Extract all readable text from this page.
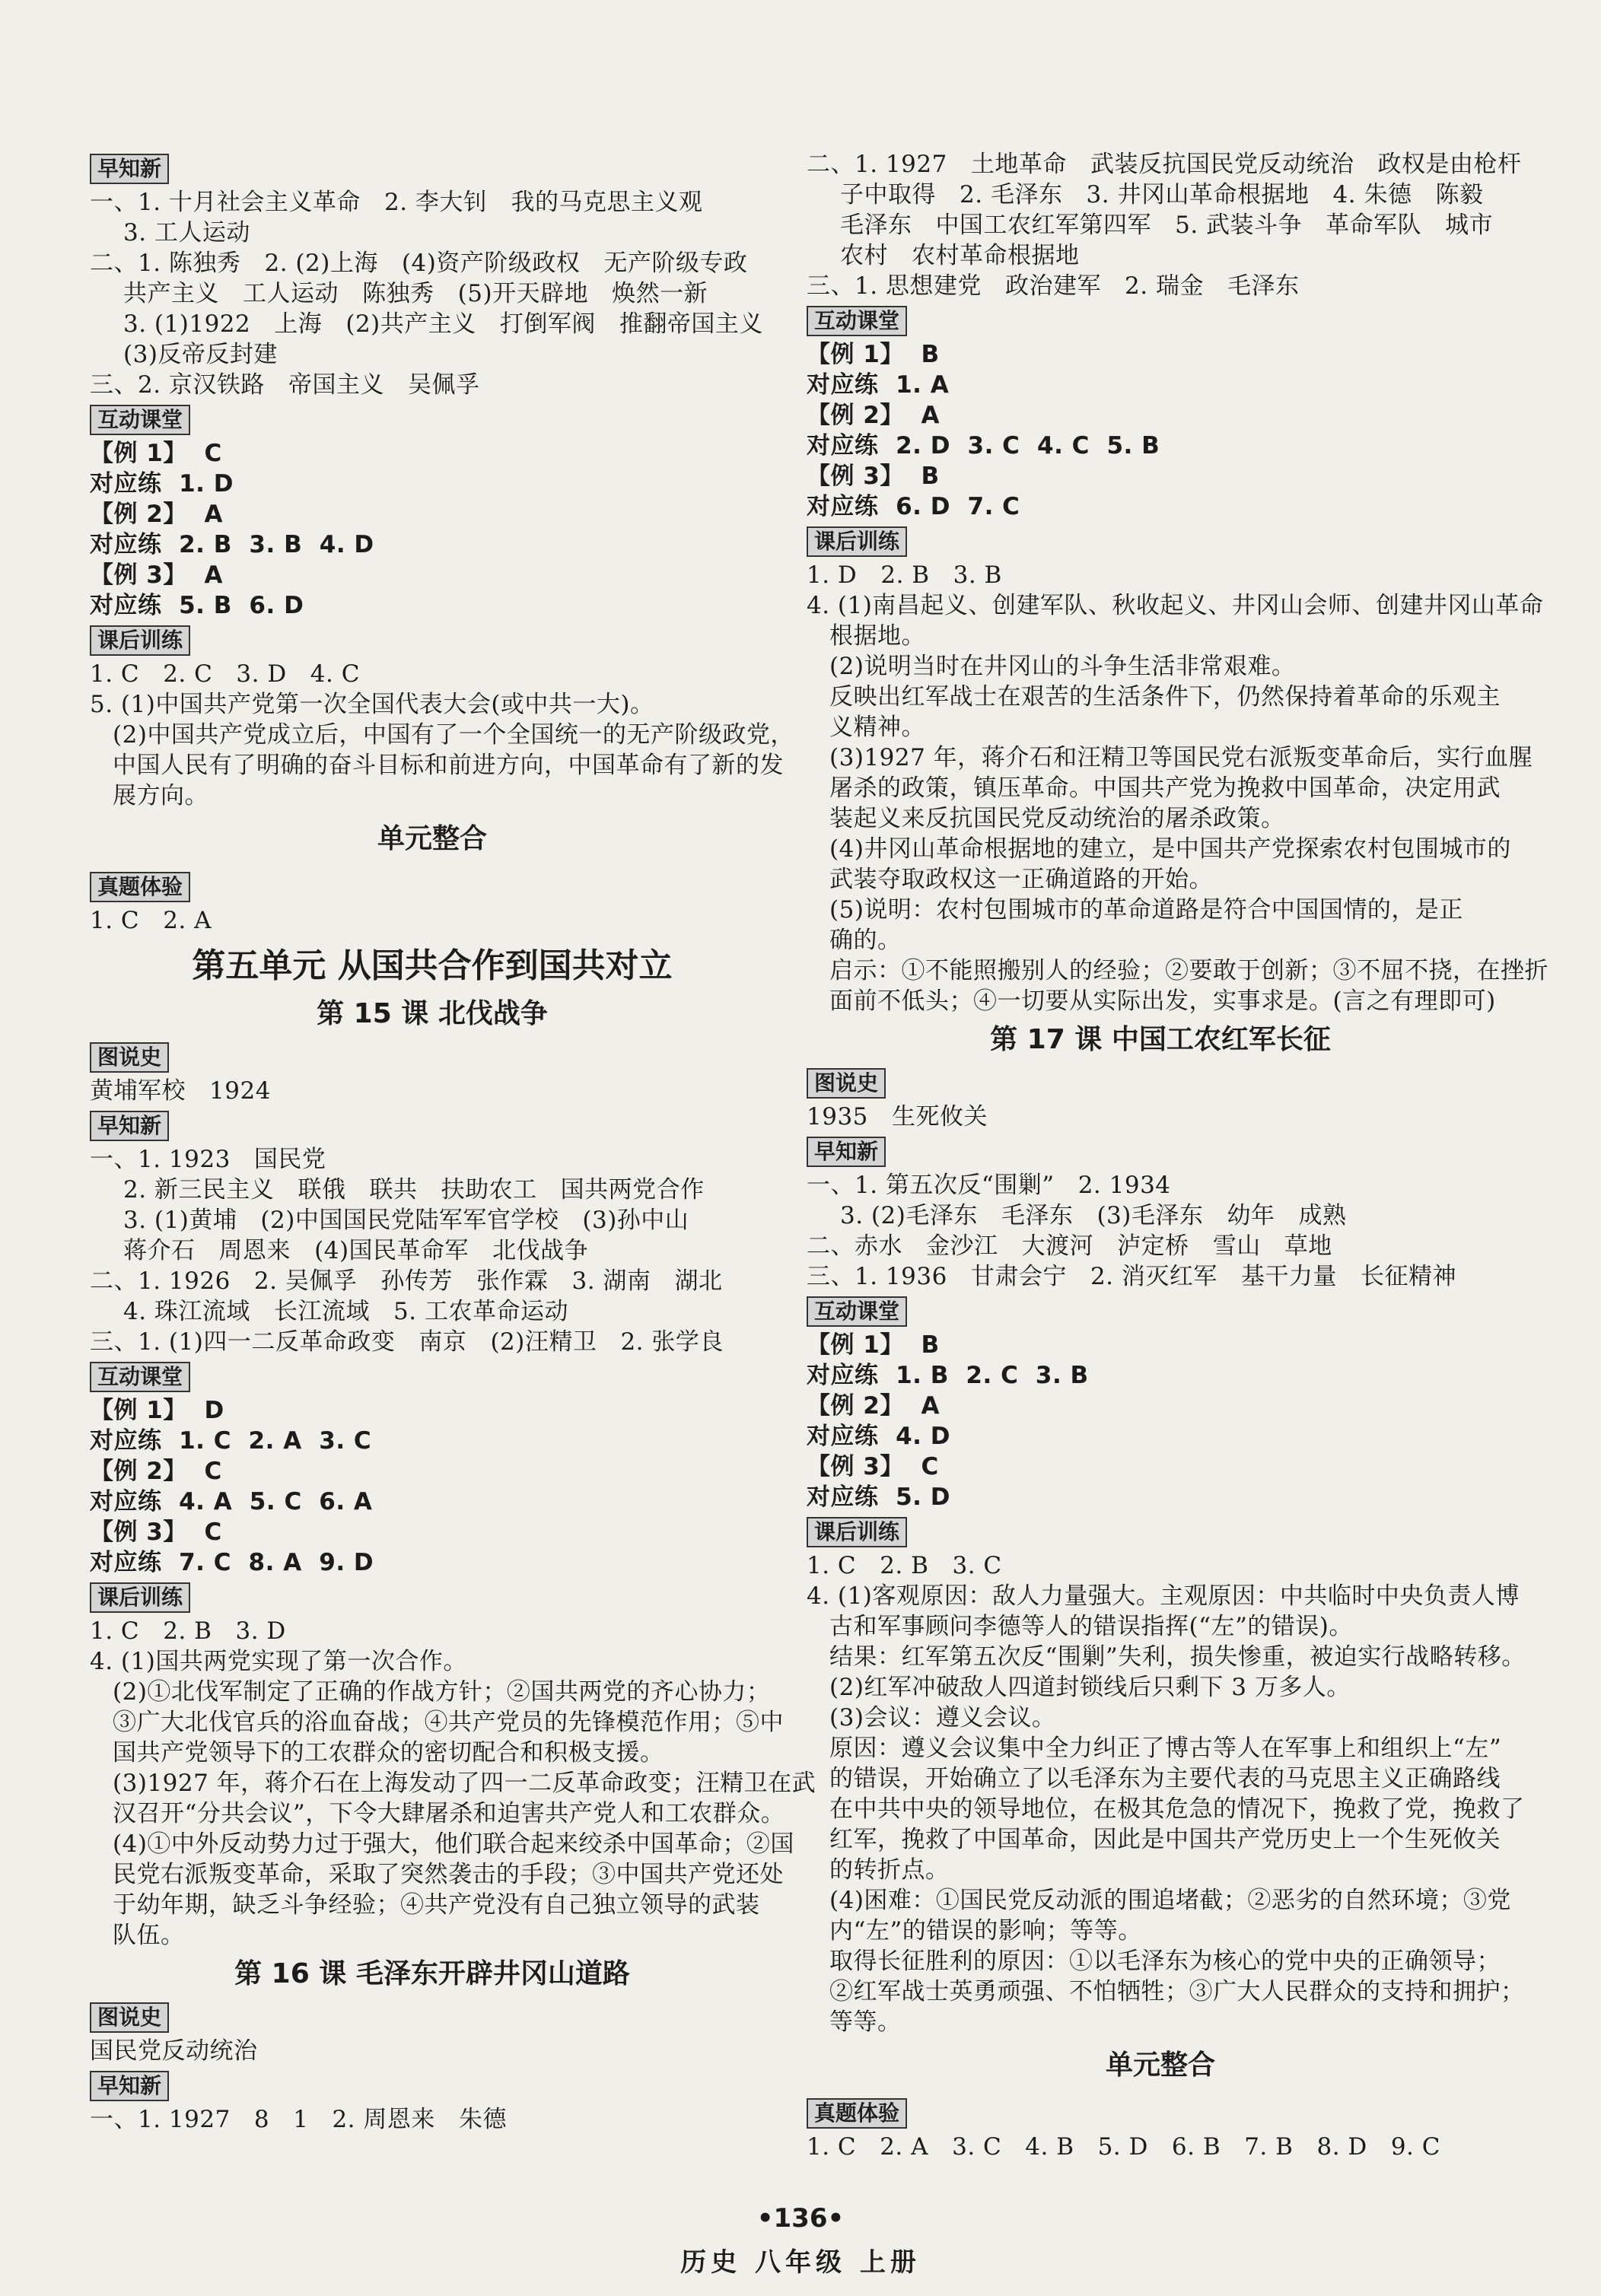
早知新
一、1. 十月社会主义革命   2. 李大钊   我的马克思主义观
3. 工人运动
二、1. 陈独秀   2. (2)上海   (4)资产阶级政权   无产阶级专政
共产主义   工人运动   陈独秀   (5)开天辟地   焕然一新
3. (1)1922   上海   (2)共产主义   打倒军阀   推翻帝国主义
(3)反帝反封建
三、2. 京汉铁路   帝国主义   吴佩孚
互动课堂
【例 1】  C
对应练  1. D
【例 2】  A
对应练  2. B  3. B  4. D
【例 3】  A
对应练  5. B  6. D
课后训练
1. C   2. C   3. D   4. C
5. (1)中国共产党第一次全国代表大会(或中共一大)。
(2)中国共产党成立后，中国有了一个全国统一的无产阶级政党，
中国人民有了明确的奋斗目标和前进方向，中国革命有了新的发
展方向。
单元整合
真题体验
1. C   2. A
第五单元 从国共合作到国共对立
第 15 课 北伐战争
图说史
黄埔军校   1924
早知新
一、1. 1923   国民党
2. 新三民主义   联俄   联共   扶助农工   国共两党合作
3. (1)黄埔   (2)中国国民党陆军军官学校   (3)孙中山
蒋介石   周恩来   (4)国民革命军   北伐战争
二、1. 1926   2. 吴佩孚   孙传芳   张作霖   3. 湖南   湖北
4. 珠江流域   长江流域   5. 工农革命运动
三、1. (1)四一二反革命政变   南京   (2)汪精卫   2. 张学良
互动课堂
【例 1】  D
对应练  1. C  2. A  3. C
【例 2】  C
对应练  4. A  5. C  6. A
【例 3】  C
对应练  7. C  8. A  9. D
课后训练
1. C   2. B   3. D
4. (1)国共两党实现了第一次合作。
(2)①北伐军制定了正确的作战方针；②国共两党的齐心协力；
③广大北伐官兵的浴血奋战；④共产党员的先锋模范作用；⑤中
国共产党领导下的工农群众的密切配合和积极支援。
(3)1927 年，蒋介石在上海发动了四一二反革命政变；汪精卫在武
汉召开“分共会议”，下令大肆屠杀和迫害共产党人和工农群众。
(4)①中外反动势力过于强大，他们联合起来绞杀中国革命；②国
民党右派叛变革命，采取了突然袭击的手段；③中国共产党还处
于幼年期，缺乏斗争经验；④共产党没有自己独立领导的武装
队伍。
第 16 课 毛泽东开辟井冈山道路
图说史
国民党反动统治
早知新
一、1. 1927   8   1   2. 周恩来   朱德
二、1. 1927   土地革命   武装反抗国民党反动统治   政权是由枪杆
子中取得   2. 毛泽东   3. 井冈山革命根据地   4. 朱德   陈毅
毛泽东   中国工农红军第四军   5. 武装斗争   革命军队   城市
农村   农村革命根据地
三、1. 思想建党   政治建军   2. 瑞金   毛泽东
互动课堂
【例 1】  B
对应练  1. A
【例 2】  A
对应练  2. D  3. C  4. C  5. B
【例 3】  B
对应练  6. D  7. C
课后训练
1. D   2. B   3. B
4. (1)南昌起义、创建军队、秋收起义、井冈山会师、创建井冈山革命
根据地。
(2)说明当时在井冈山的斗争生活非常艰难。
反映出红军战士在艰苦的生活条件下，仍然保持着革命的乐观主
义精神。
(3)1927 年，蒋介石和汪精卫等国民党右派叛变革命后，实行血腥
屠杀的政策，镇压革命。中国共产党为挽救中国革命，决定用武
装起义来反抗国民党反动统治的屠杀政策。
(4)井冈山革命根据地的建立，是中国共产党探索农村包围城市的
武装夺取政权这一正确道路的开始。
(5)说明：农村包围城市的革命道路是符合中国国情的，是正
确的。
启示：①不能照搬别人的经验；②要敢于创新；③不屈不挠，在挫折
面前不低头；④一切要从实际出发，实事求是。(言之有理即可)
第 17 课 中国工农红军长征
图说史
1935   生死攸关
早知新
一、1. 第五次反“围剿”   2. 1934
3. (2)毛泽东   毛泽东   (3)毛泽东   幼年   成熟
二、赤水   金沙江   大渡河   泸定桥   雪山   草地
三、1. 1936   甘肃会宁   2. 消灭红军   基干力量   长征精神
互动课堂
【例 1】  B
对应练  1. B  2. C  3. B
【例 2】  A
对应练  4. D
【例 3】  C
对应练  5. D
课后训练
1. C   2. B   3. C
4. (1)客观原因：敌人力量强大。主观原因：中共临时中央负责人博
古和军事顾问李德等人的错误指挥(“左”的错误)。
结果：红军第五次反“围剿”失利，损失惨重，被迫实行战略转移。
(2)红军冲破敌人四道封锁线后只剩下 3 万多人。
(3)会议：遵义会议。
原因：遵义会议集中全力纠正了博古等人在军事上和组织上“左”
的错误，开始确立了以毛泽东为主要代表的马克思主义正确路线
在中共中央的领导地位，在极其危急的情况下，挽救了党，挽救了
红军，挽救了中国革命，因此是中国共产党历史上一个生死攸关
的转折点。
(4)困难：①国民党反动派的围追堵截；②恶劣的自然环境；③党
内“左”的错误的影响；等等。
取得长征胜利的原因：①以毛泽东为核心的党中央的正确领导；
②红军战士英勇顽强、不怕牺牲；③广大人民群众的支持和拥护；
等等。
单元整合
真题体验
1. C   2. A   3. C   4. B   5. D   6. B   7. B   8. D   9. C
•136•
历史 八年级 上册
